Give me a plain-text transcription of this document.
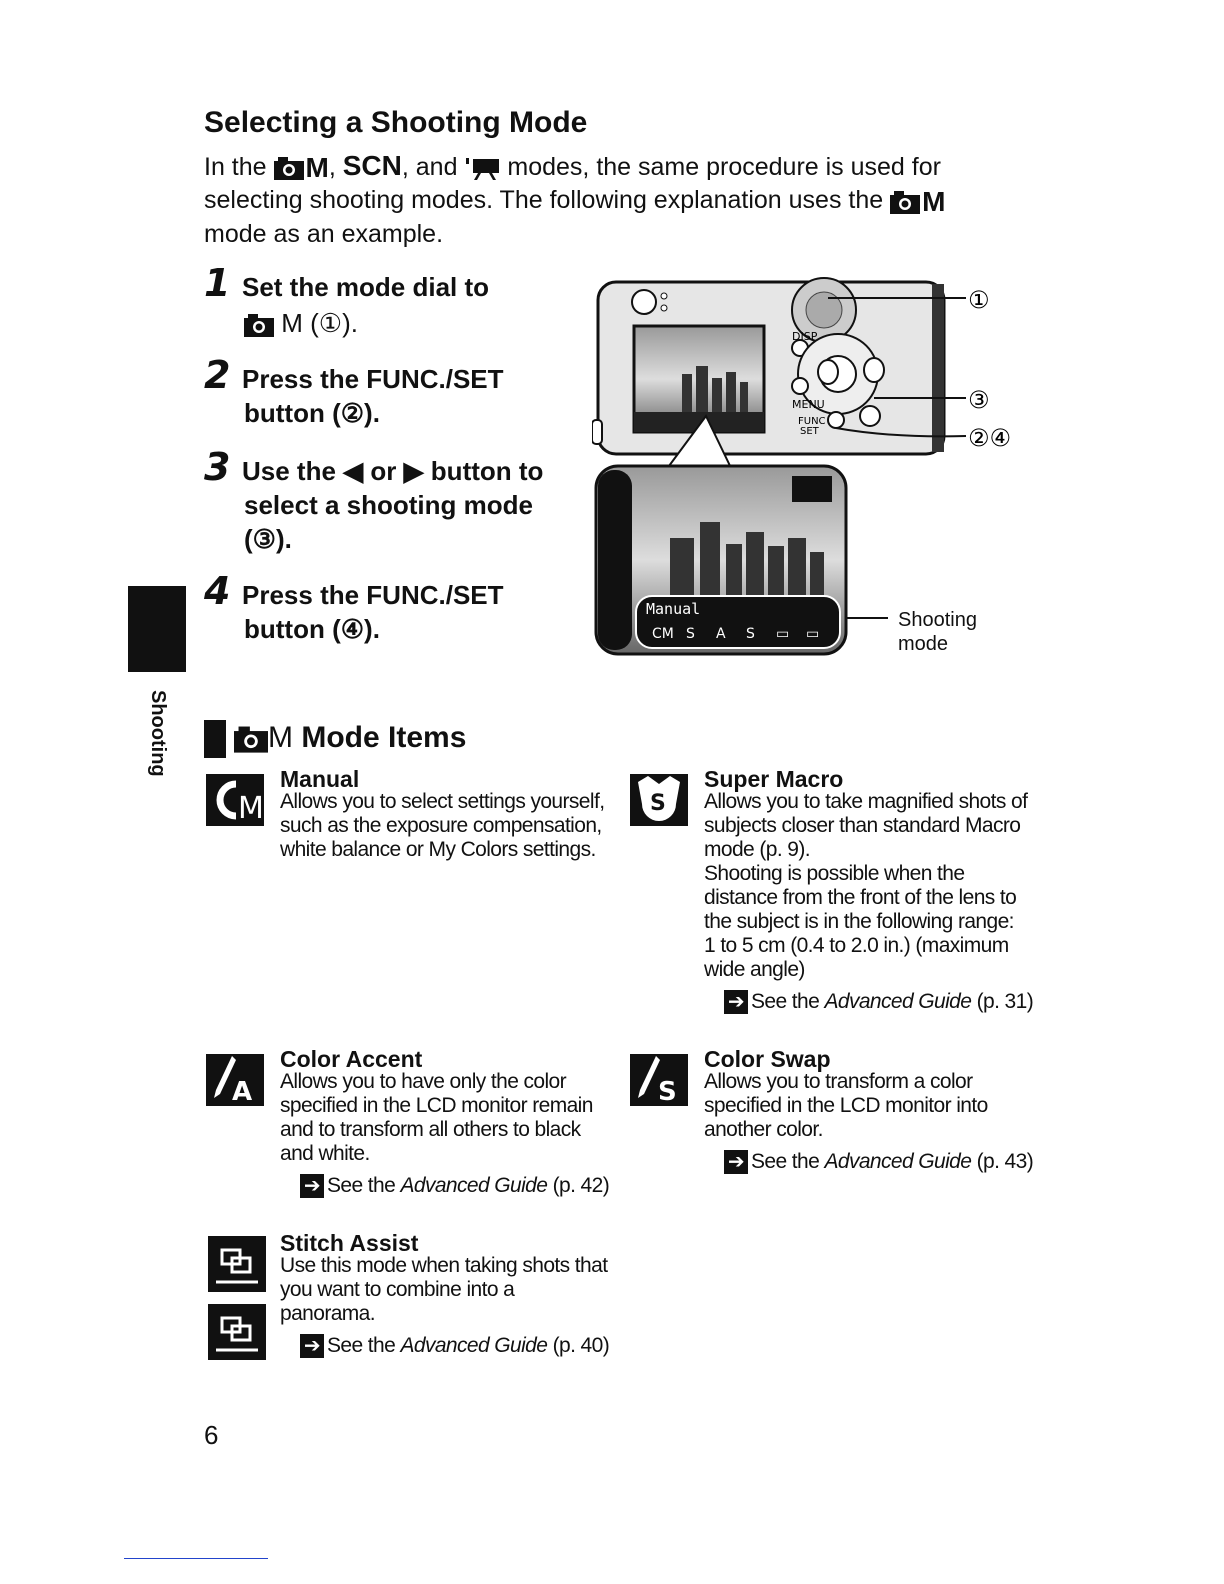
Selecting a Shooting Mode
In the M, SCN, and modes, the same procedure is used for selecting shooting modes. The following explanation uses the M
mode as an example.
1 Set the mode dial to

M (①).
2 Press the FUNC./SET

button (②).
3 Use the ◀ or ▶ button to

select a shooting mode
(③).
4 Press the FUNC./SET

button (④).
DISP
MENU
FUNC
SET
①
③
②④
Manual
CM S A S ▭ ▭
Shooting
mode
Shooting	M Mode Items
M
Manual
Allows you to select settings yourself,
such as the exposure compensation,
white balance or My Colors settings.
S
Super Macro
Allows you to take magnified shots of
subjects closer than standard Macro
mode (p. 9).
Shooting is possible when the
distance from the front of the lens to
the subject is in the following range:
1 to 5 cm (0.4 to 2.0 in.) (maximum
wide angle)
➔ See the Advanced Guide (p. 31)
A
Color Accent
Allows you to have only the color
specified in the LCD monitor remain
and to transform all others to black
and white.
➔ See the Advanced Guide (p. 42)
S
Color Swap
Allows you to transform a color
specified in the LCD monitor into
another color.
➔ See the Advanced Guide (p. 43)
Stitch Assist
Use this mode when taking shots that
you want to combine into a
panorama.
➔ See the Advanced Guide (p. 40)
6
